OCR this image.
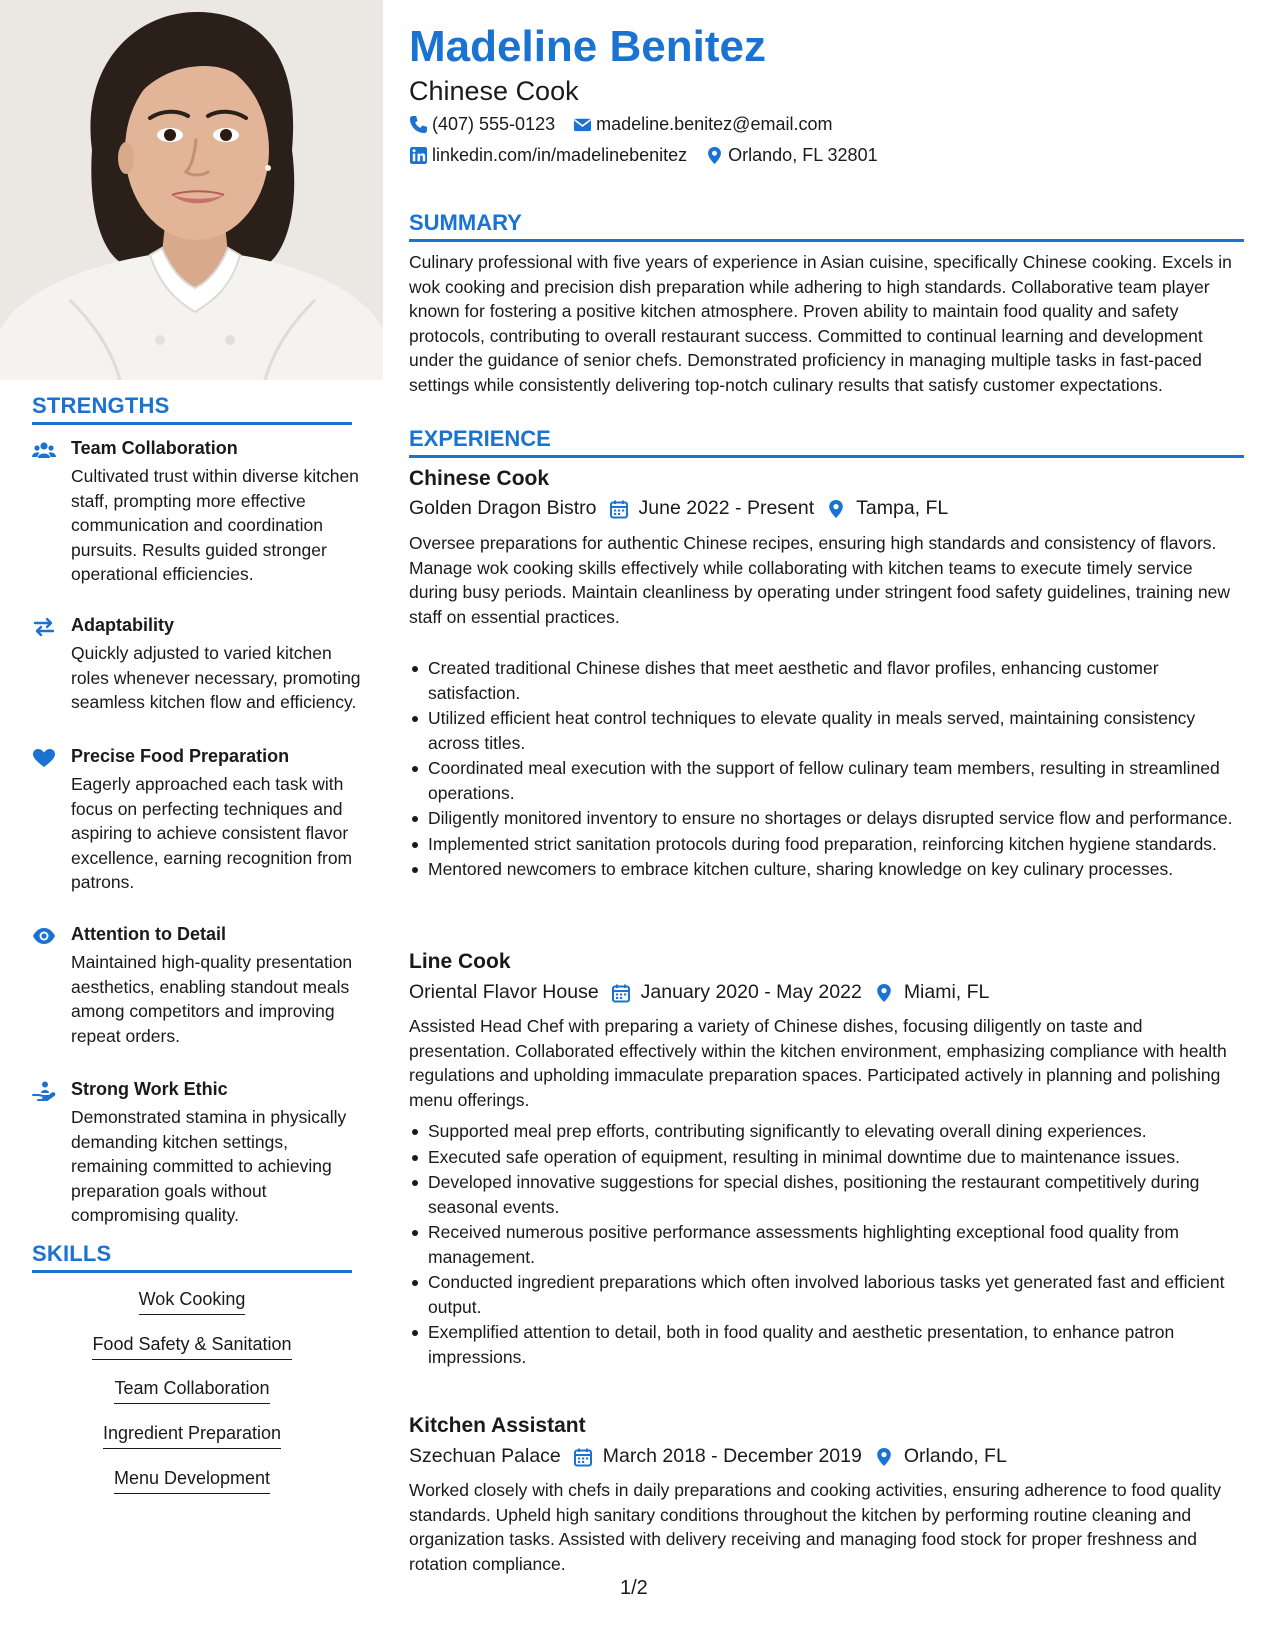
STRENGTHS
Team Collaboration
Cultivated trust within diverse kitchen staff, prompting more effective communication and coordination pursuits. Results guided stronger operational efficiencies.
Adaptability
Quickly adjusted to varied kitchen roles whenever necessary, promoting seamless kitchen flow and efficiency.
Precise Food Preparation
Eagerly approached each task with focus on perfecting techniques and aspiring to achieve consistent flavor excellence, earning recognition from patrons.
Attention to Detail
Maintained high-quality presentation aesthetics, enabling standout meals among competitors and improving repeat orders.
Strong Work Ethic
Demonstrated stamina in physically demanding kitchen settings, remaining committed to achieving preparation goals without compromising quality.
SKILLS
Wok Cooking
Food Safety & Sanitation
Team Collaboration
Ingredient Preparation
Menu Development
Madeline Benitez
Chinese Cook
(407) 555-0123 madeline.benitez@email.com
linkedin.com/in/madelinebenitez Orlando, FL 32801
SUMMARY
Culinary professional with five years of experience in Asian cuisine, specifically Chinese cooking. Excels in wok cooking and precision dish preparation while adhering to high standards. Collaborative team player known for fostering a positive kitchen atmosphere. Proven ability to maintain food quality and safety protocols, contributing to overall restaurant success. Committed to continual learning and development under the guidance of senior chefs. Demonstrated proficiency in managing multiple tasks in fast-paced settings while consistently delivering top-notch culinary results that satisfy customer expectations.
EXPERIENCE
Chinese Cook
Golden Dragon Bistro June 2022 - Present Tampa, FL
Oversee preparations for authentic Chinese recipes, ensuring high standards and consistency of flavors. Manage wok cooking skills effectively while collaborating with kitchen teams to execute timely service during busy periods. Maintain cleanliness by operating under stringent food safety guidelines, training new staff on essential practices.
Created traditional Chinese dishes that meet aesthetic and flavor profiles, enhancing customer satisfaction.
Utilized efficient heat control techniques to elevate quality in meals served, maintaining consistency across titles.
Coordinated meal execution with the support of fellow culinary team members, resulting in streamlined operations.
Diligently monitored inventory to ensure no shortages or delays disrupted service flow and performance.
Implemented strict sanitation protocols during food preparation, reinforcing kitchen hygiene standards.
Mentored newcomers to embrace kitchen culture, sharing knowledge on key culinary processes.
Line Cook
Oriental Flavor House January 2020 - May 2022 Miami, FL
Assisted Head Chef with preparing a variety of Chinese dishes, focusing diligently on taste and presentation. Collaborated effectively within the kitchen environment, emphasizing compliance with health regulations and upholding immaculate preparation spaces. Participated actively in planning and polishing menu offerings.
Supported meal prep efforts, contributing significantly to elevating overall dining experiences.
Executed safe operation of equipment, resulting in minimal downtime due to maintenance issues.
Developed innovative suggestions for special dishes, positioning the restaurant competitively during seasonal events.
Received numerous positive performance assessments highlighting exceptional food quality from management.
Conducted ingredient preparations which often involved laborious tasks yet generated fast and efficient output.
Exemplified attention to detail, both in food quality and aesthetic presentation, to enhance patron impressions.
Kitchen Assistant
Szechuan Palace March 2018 - December 2019 Orlando, FL
Worked closely with chefs in daily preparations and cooking activities, ensuring adherence to food quality standards. Upheld high sanitary conditions throughout the kitchen by performing routine cleaning and organization tasks. Assisted with delivery receiving and managing food stock for proper freshness and rotation compliance.
1/2
